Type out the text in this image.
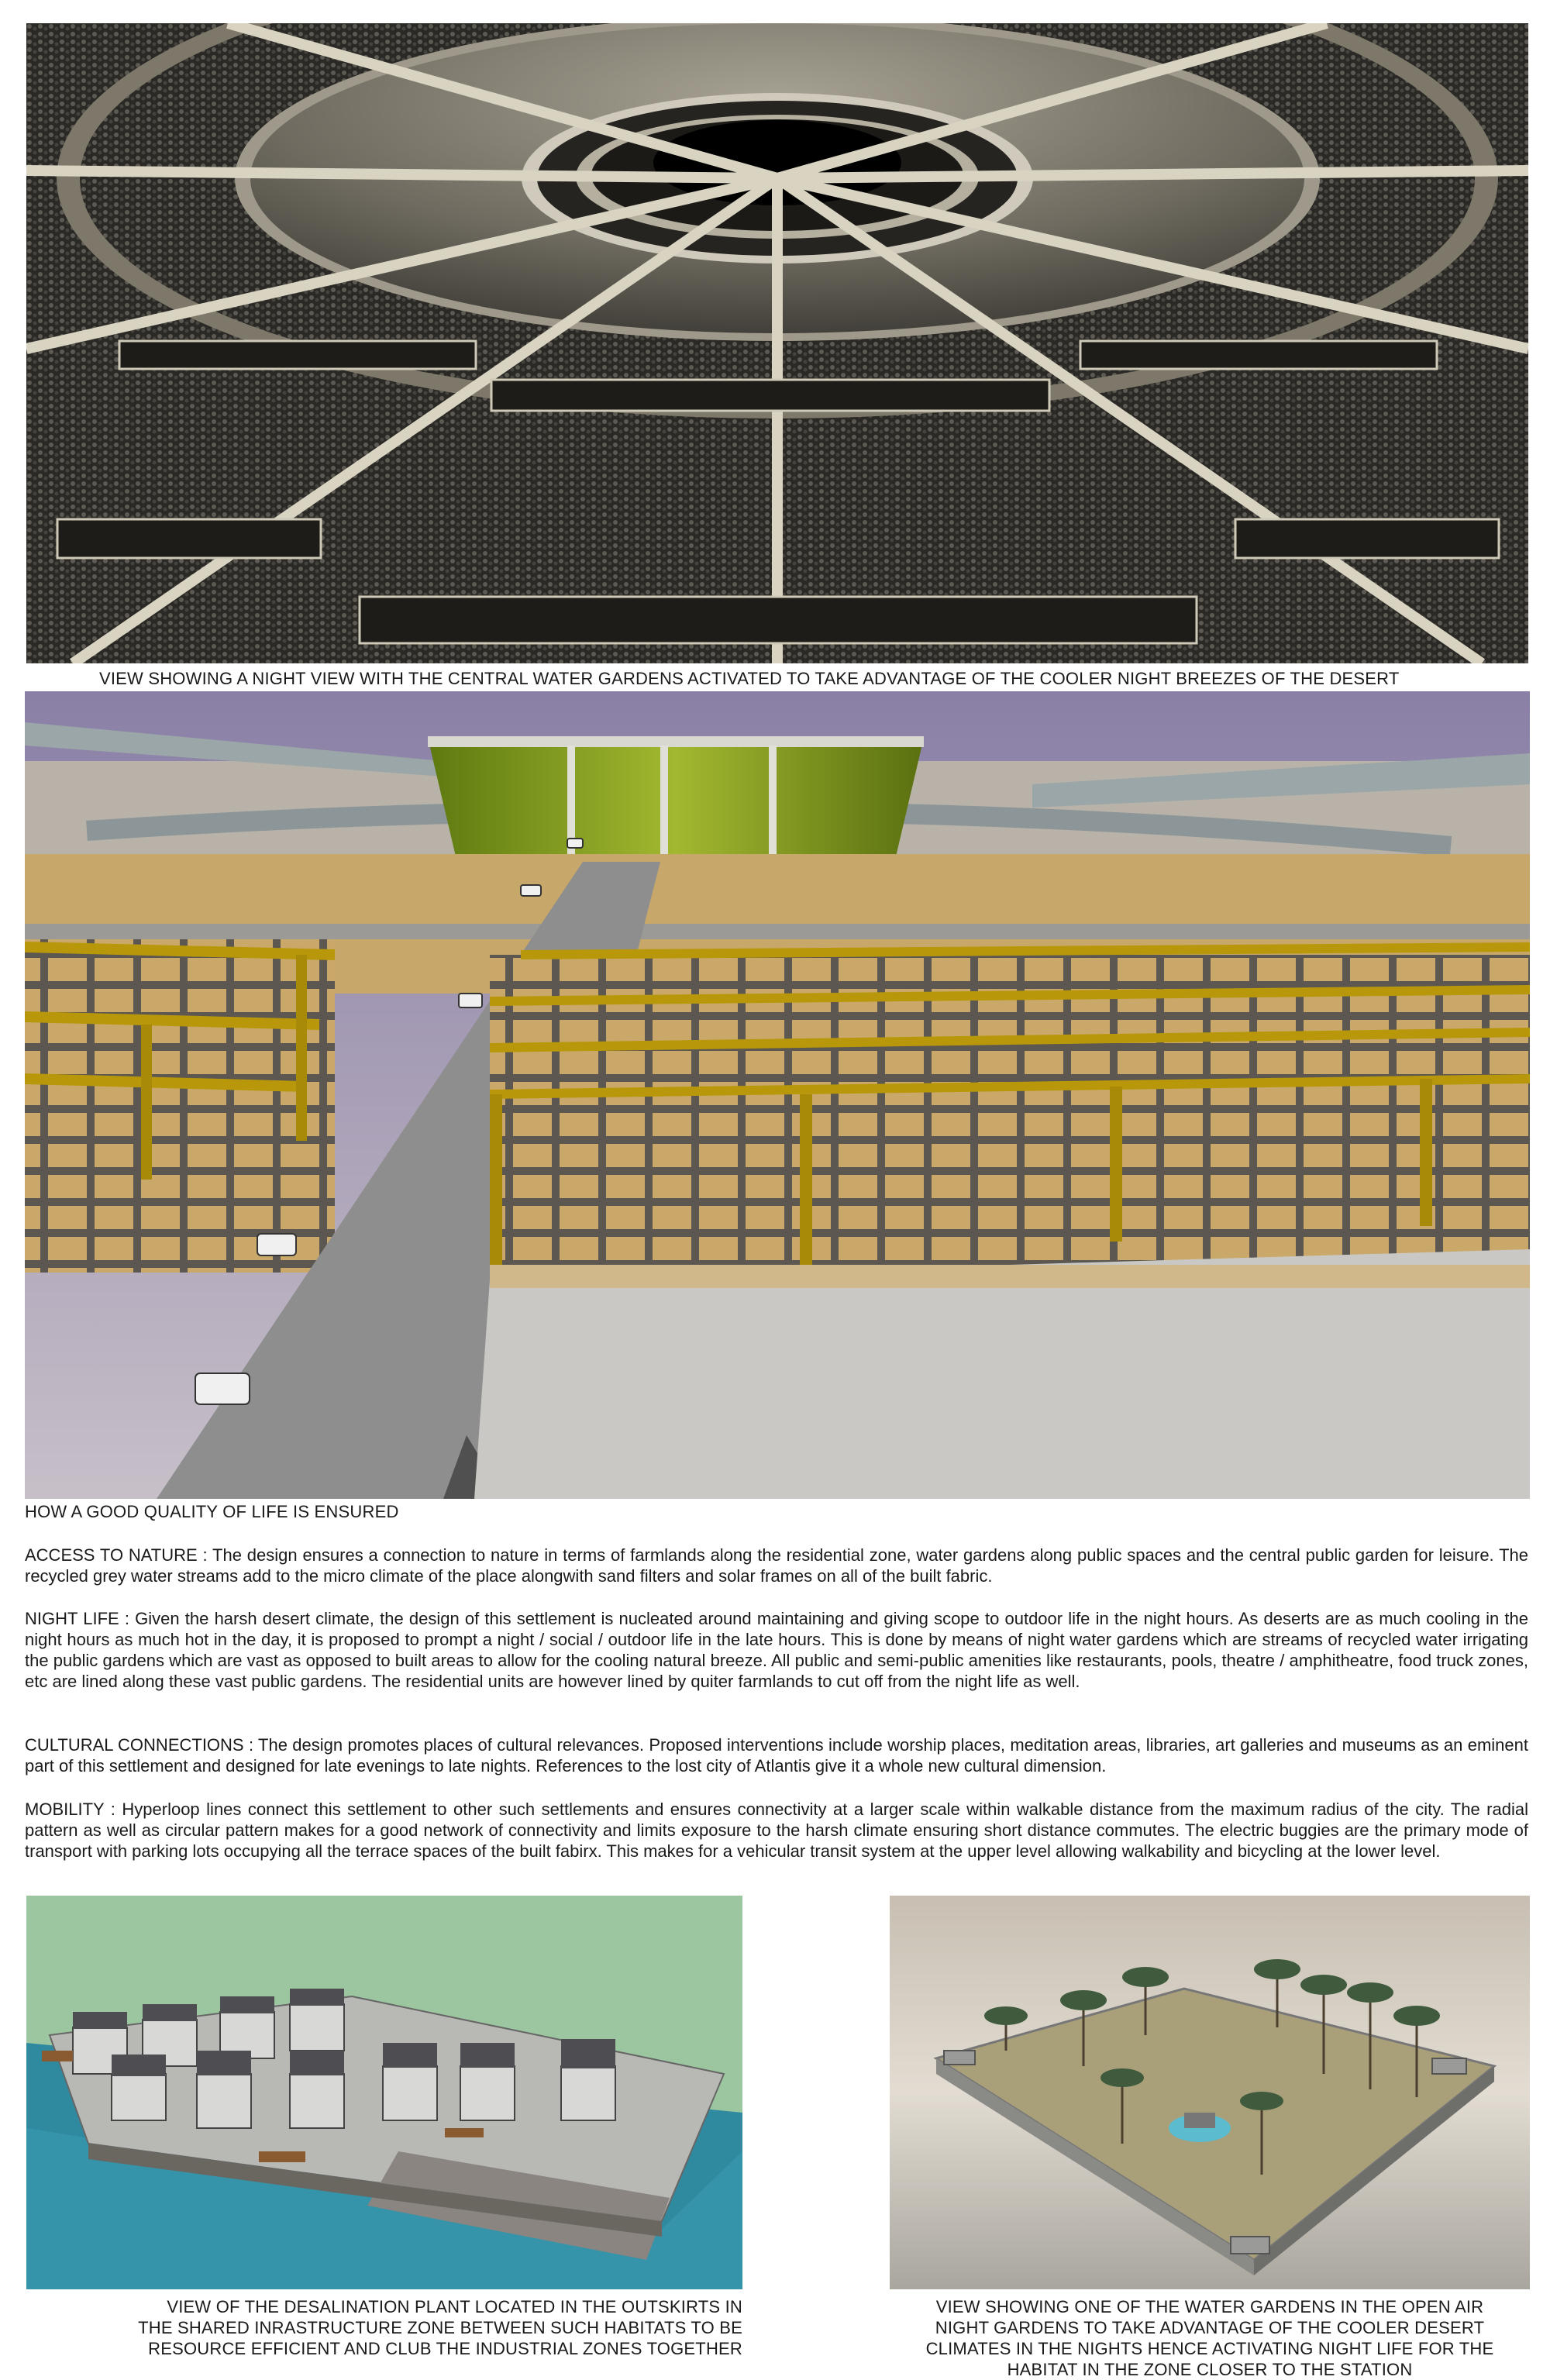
VIEW SHOWING A NIGHT VIEW WITH THE CENTRAL WATER GARDENS ACTIVATED TO TAKE ADVANTAGE OF THE COOLER NIGHT BREEZES OF THE DESERT
HOW A GOOD QUALITY OF LIFE IS ENSURED

ACCESS TO NATURE : The design ensures a connection to nature in terms of farmlands along the residential zone, water gardens along public spaces and the central public garden for leisure. The recycled grey water streams add to the micro climate of the place alongwith sand filters and solar frames on all of the built fabric.

NIGHT LIFE : Given the harsh desert climate, the design of this settlement is nucleated around maintaining and giving scope to outdoor life in the night hours. As deserts are as much cooling in the night hours as much hot in the day, it is proposed to prompt a night / social / outdoor life in the late hours. This is done by means of night water gardens which are streams of recycled water irrigating the public gardens which are vast as opposed to built areas to allow for the cooling natural breeze. All public and semi-public amenities like restaurants, pools, theatre / amphitheatre, food truck zones, etc are lined along these vast public gardens. The residential units are however lined by quiter farmlands to cut off from the night life as well.

CULTURAL CONNECTIONS : The design promotes places of cultural relevances. Proposed interventions include worship places, meditation areas, libraries, art galleries and museums as an eminent part of this settlement and designed for late evenings to late nights. References to the lost city of Atlantis give it a whole new cultural dimension.

MOBILITY : Hyperloop lines connect this settlement to other such settlements and ensures connectivity at a larger scale within walkable distance from the maximum radius of the city. The radial pattern as well as circular pattern makes for a good network of connectivity and limits exposure to the harsh climate ensuring short distance commutes. The electric buggies are the primary mode of transport with parking lots occupying all the terrace spaces of the built fabirx. This makes for a vehicular transit system at the upper level allowing walkability and bicycling at the lower level.

VIEW OF THE DESALINATION PLANT LOCATED IN THE OUTSKIRTS IN
THE SHARED INRASTRUCTURE ZONE BETWEEN SUCH HABITATS TO BE
RESOURCE EFFICIENT AND CLUB THE INDUSTRIAL ZONES TOGETHER
VIEW SHOWING ONE OF THE WATER GARDENS IN THE OPEN AIR
NIGHT GARDENS TO TAKE ADVANTAGE OF THE COOLER DESERT
CLIMATES IN THE NIGHTS HENCE ACTIVATING NIGHT LIFE FOR THE
HABITAT IN THE ZONE CLOSER TO THE STATION
